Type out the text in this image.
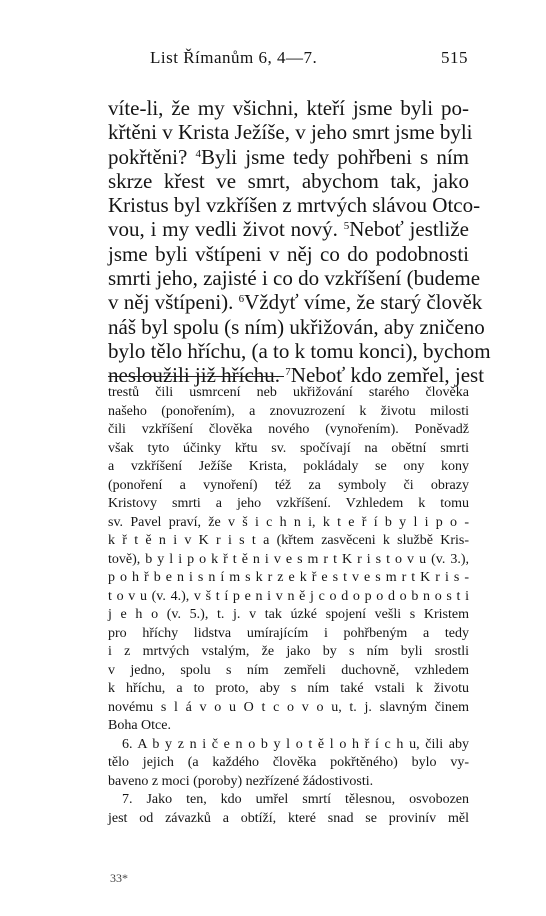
List Římanům 6, 4—7.	515
víte-li, že my všichni, kteří jsme byli po-
křtěni v Krista Ježíše, v jeho smrt jsme byli
pokřtěni? $^4$Byli jsme tedy pohřbeni s ním
skrze křest ve smrt, abychom tak, jako
Kristus byl vzkříšen z mrtvých slávou Otco-
vou, i my vedli život nový. $^5$Neboť jestliže
jsme byli vštípeni v něj co do podobnosti
smrti jeho, zajisté i co do vzkříšení (budeme
v něj vštípeni). $^6$Vždyť víme, že starý člověk
náš byl spolu (s ním) ukřižován, aby zničeno
bylo tělo hříchu, (a to k tomu konci), bychom
nesloužili již hříchu. $^7$Neboť kdo zemřel, jest
trestů čili usmrcení neb ukřižování starého člověka
našeho (ponořením), a znovuzrození k životu milosti
čili vzkříšení člověka nového (vynořením). Poněvadž
však tyto účinky křtu sv. spočívají na obětní smrti
a vzkříšení Ježíše Krista, pokládaly se ony kony
(ponoření a vynoření) též za symboly či obrazy
Kristovy smrti a jeho vzkříšení. Vzhledem k tomu
sv. Pavel praví, že v š i c h n i, k t e ř í b y l i p o -
k ř t ě n i v K r i s t a (křtem zasvěceni k službě Kris-
tově), b y l i p o k ř t ě n i v e s m r t K r i s t o v u (v. 3.),
p o h ř b e n i s n í m s k r z e k ř e s t v e s m r t K r i s -
t o v u (v. 4.), v š t í p e n i v n ě j c o d o p o d o b n o s t i
j e h o (v. 5.), t. j. v tak úzké spojení vešli s Kristem
pro hříchy lidstva umírajícím i pohřbeným a tedy
i z mrtvých vstalým, že jako by s ním byli srostli
v jedno, spolu s ním zemřeli duchovně, vzhledem
k hříchu, a to proto, aby s ním také vstali k životu
novému s l á v o u O t c o v o u, t. j. slavným činem
Boha Otce.
6. A b y z n i č e n o b y l o t ě l o h ř í c h u, čili aby
tělo jejich (a každého člověka pokřtěného) bylo vy-
baveno z moci (poroby) nezřízené žádostivosti.
7. Jako ten, kdo umřel smrtí tělesnou, osvobozen
jest od závazků a obtíží, které snad se provinív měl
33*
